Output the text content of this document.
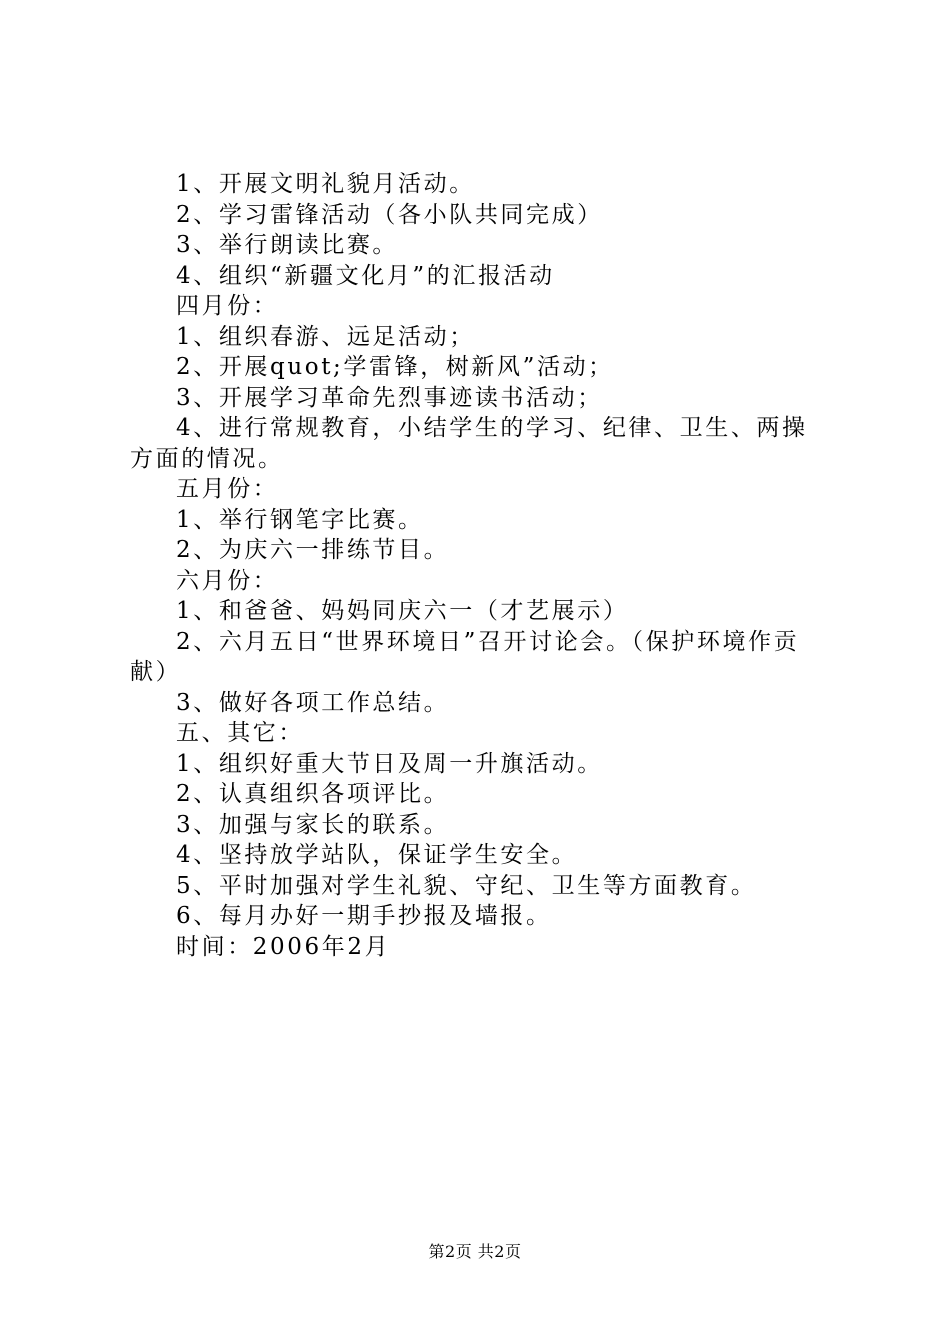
1、开展文明礼貌月活动。

2、学习雷锋活动（各小队共同完成）

3、举行朗读比赛。

4、组织“新疆文化月”的汇报活动

四月份：

1、组织春游、远足活动；

2、开展quot;学雷锋，树新风”活动；

3、开展学习革命先烈事迹读书活动；

4、进行常规教育，小结学生的学习、纪律、卫生、两操方面的情况。

五月份：

1、举行钢笔字比赛。

2、为庆六一排练节目。

六月份：

1、和爸爸、妈妈同庆六一（才艺展示）

2、六月五日“世界环境日”召开讨论会。（保护环境作贡献）

3、做好各项工作总结。

五、其它：

1、组织好重大节日及周一升旗活动。

2、认真组织各项评比。

3、加强与家长的联系。

4、坚持放学站队，保证学生安全。

5、平时加强对学生礼貌、守纪、卫生等方面教育。

6、每月办好一期手抄报及墙报。

时间：2006年2月

第2页 共2页
